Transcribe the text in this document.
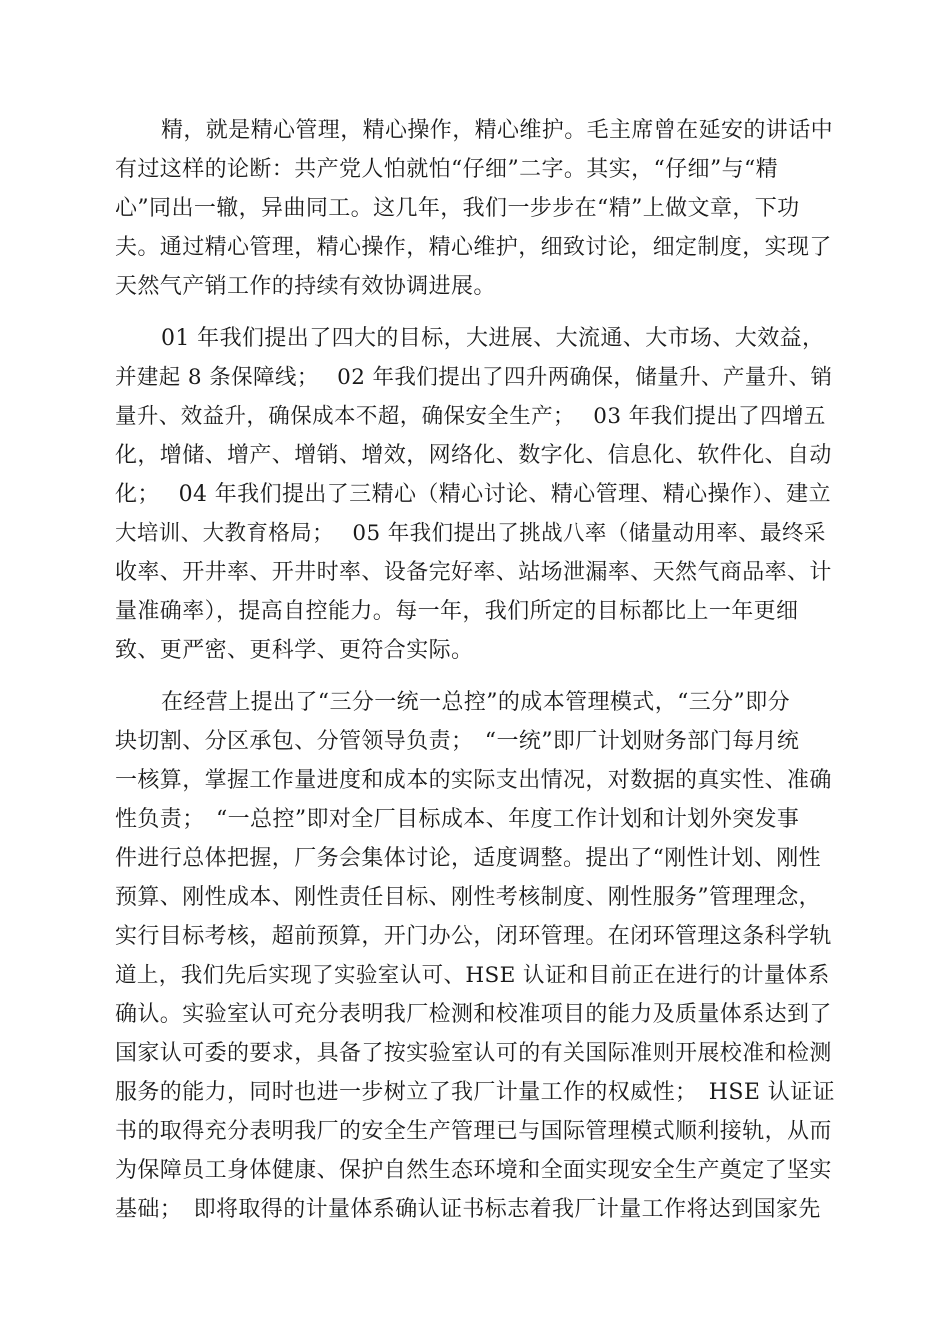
精，就是精心管理，精心操作，精心维护。毛主席曾在延安的讲话中
有过这样的论断：共产党人怕就怕“仔细”二字。其实，“仔细”与“精
心”同出一辙，异曲同工。这几年，我们一步步在“精”上做文章，下功
夫。通过精心管理，精心操作，精心维护，细致讨论，细定制度，实现了
天然气产销工作的持续有效协调进展。
01 年我们提出了四大的目标，大进展、大流通、大市场、大效益，
并建起 8 条保障线；　 02 年我们提出了四升两确保，储量升、产量升、销
量升、效益升，确保成本不超，确保安全生产；　 03 年我们提出了四增五
化，增储、增产、增销、增效，网络化、数字化、信息化、软件化、自动
化；　 04 年我们提出了三精心（精心讨论、精心管理、精心操作）、建立
大培训、大教育格局；　 05 年我们提出了挑战八率（储量动用率、最终采
收率、开井率、开井时率、设备完好率、站场泄漏率、天然气商品率、计
量准确率），提高自控能力。每一年，我们所定的目标都比上一年更细
致、更严密、更科学、更符合实际。
在经营上提出了“三分一统一总控”的成本管理模式，“三分”即分
块切割、分区承包、分管领导负责；　“一统”即厂计划财务部门每月统
一核算，掌握工作量进度和成本的实际支出情况，对数据的真实性、准确
性负责；　“一总控”即对全厂目标成本、年度工作计划和计划外突发事
件进行总体把握，厂务会集体讨论，适度调整。提出了“刚性计划、刚性
预算、刚性成本、刚性责任目标、刚性考核制度、刚性服务”管理理念，
实行目标考核，超前预算，开门办公，闭环管理。在闭环管理这条科学轨
道上，我们先后实现了实验室认可、HSE 认证和目前正在进行的计量体系
确认。实验室认可充分表明我厂检测和校准项目的能力及质量体系达到了
国家认可委的要求，具备了按实验室认可的有关国际准则开展校准和检测
服务的能力，同时也进一步树立了我厂计量工作的权威性；　HSE 认证证
书的取得充分表明我厂的安全生产管理已与国际管理模式顺利接轨，从而
为保障员工身体健康、保护自然生态环境和全面实现安全生产奠定了坚实
基础；　即将取得的计量体系确认证书标志着我厂计量工作将达到国家先
